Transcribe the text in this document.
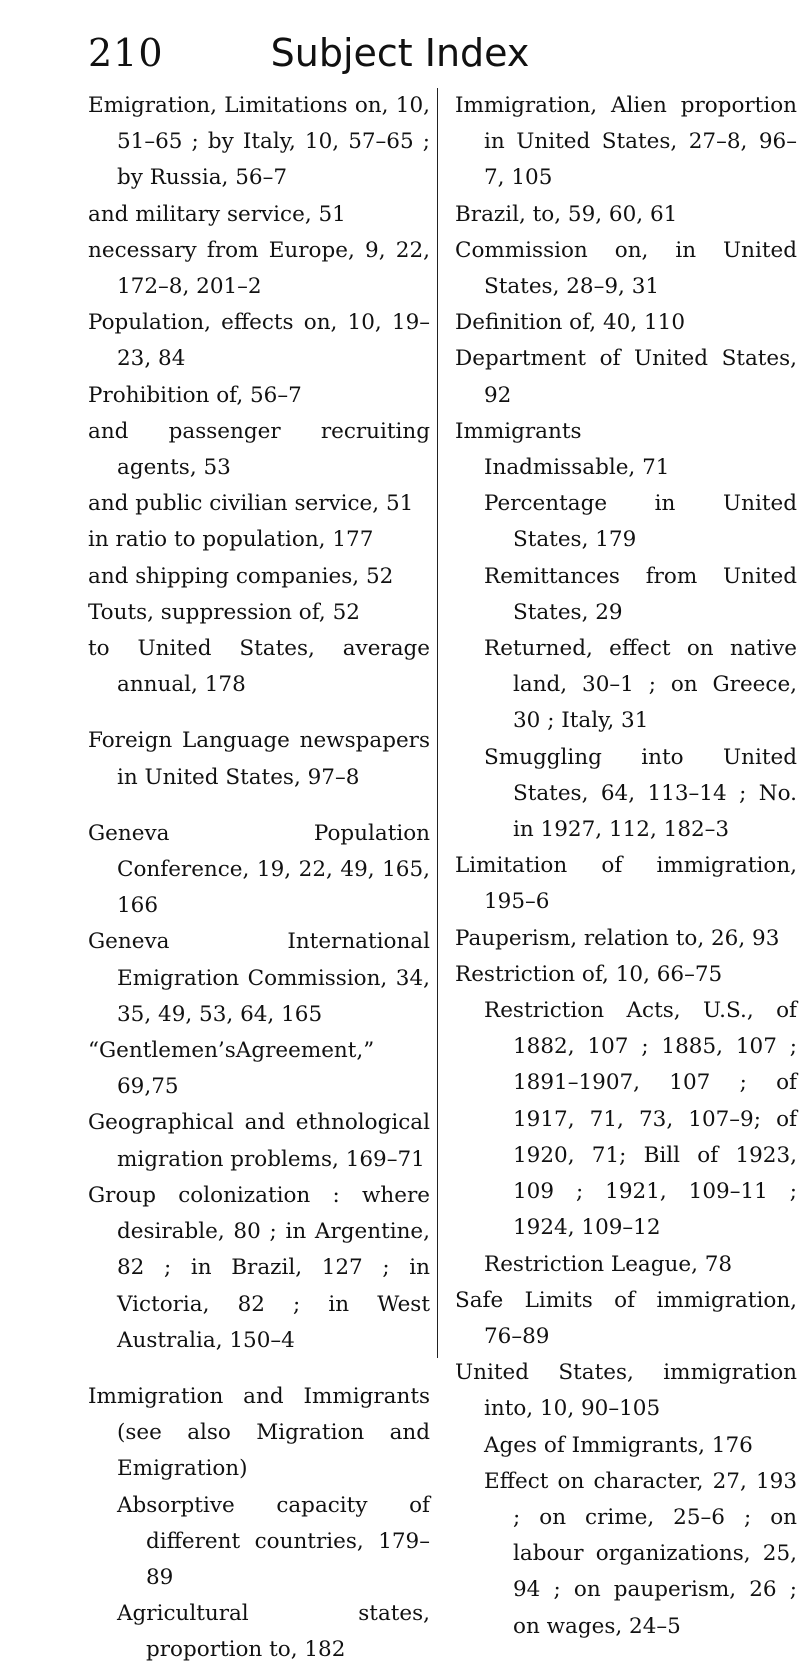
210	Subject Index
Emigration, Limitations on, 10, 51–65 ; by Italy, 10, 57–65 ; by Russia, 56–7
and military service, 51
necessary from Europe, 9, 22, 172–8, 201–2
Population, effects on, 10, 19–23, 84
Prohibition of, 56–7
and passenger recruiting agents, 53
and public civilian service, 51
in ratio to population, 177
and shipping companies, 52
Touts, suppression of, 52
to United States, average annual, 178
Foreign Language newspapers in United States, 97–8
Geneva Population Conference, 19, 22, 49, 165, 166
Geneva International Emigration Commission, 34, 35, 49, 53, 64, 165
“Gentlemen’sAgreement,” 69,75
Geographical and ethnological migration problems, 169–71
Group colonization : where desirable, 80 ; in Argentine, 82 ; in Brazil, 127 ; in Victoria, 82 ; in West Australia, 150–4
Immigration and Immigrants (see also Migration and Emigration)
Absorptive capacity of different countries, 179–89
Agricultural states, proportion to, 182
Immigration, Alien proportion in United States, 27–8, 96–7, 105
Brazil, to, 59, 60, 61
Commission on, in United States, 28–9, 31
Definition of, 40, 110
Department of United States, 92
Immigrants
Inadmissable, 71
Percentage in United States, 179
Remittances from United States, 29
Returned, effect on native land, 30–1 ; on Greece, 30 ; Italy, 31
Smuggling into United States, 64, 113–14 ; No. in 1927, 112, 182–3
Limitation of immigration, 195–6
Pauperism, relation to, 26, 93
Restriction of, 10, 66–75
Restriction Acts, U.S., of 1882, 107 ; 1885, 107 ; 1891–1907, 107 ; of 1917, 71, 73, 107–9; of 1920, 71; Bill of 1923, 109 ; 1921, 109–11 ; 1924, 109–12
Restriction League, 78
Safe Limits of immigration, 76–89
United States, immigration into, 10, 90–105
Ages of Immigrants, 176
Effect on character, 27, 193 ; on crime, 25–6 ; on labour organizations, 25, 94 ; on pauperism, 26 ; on wages, 24–5
